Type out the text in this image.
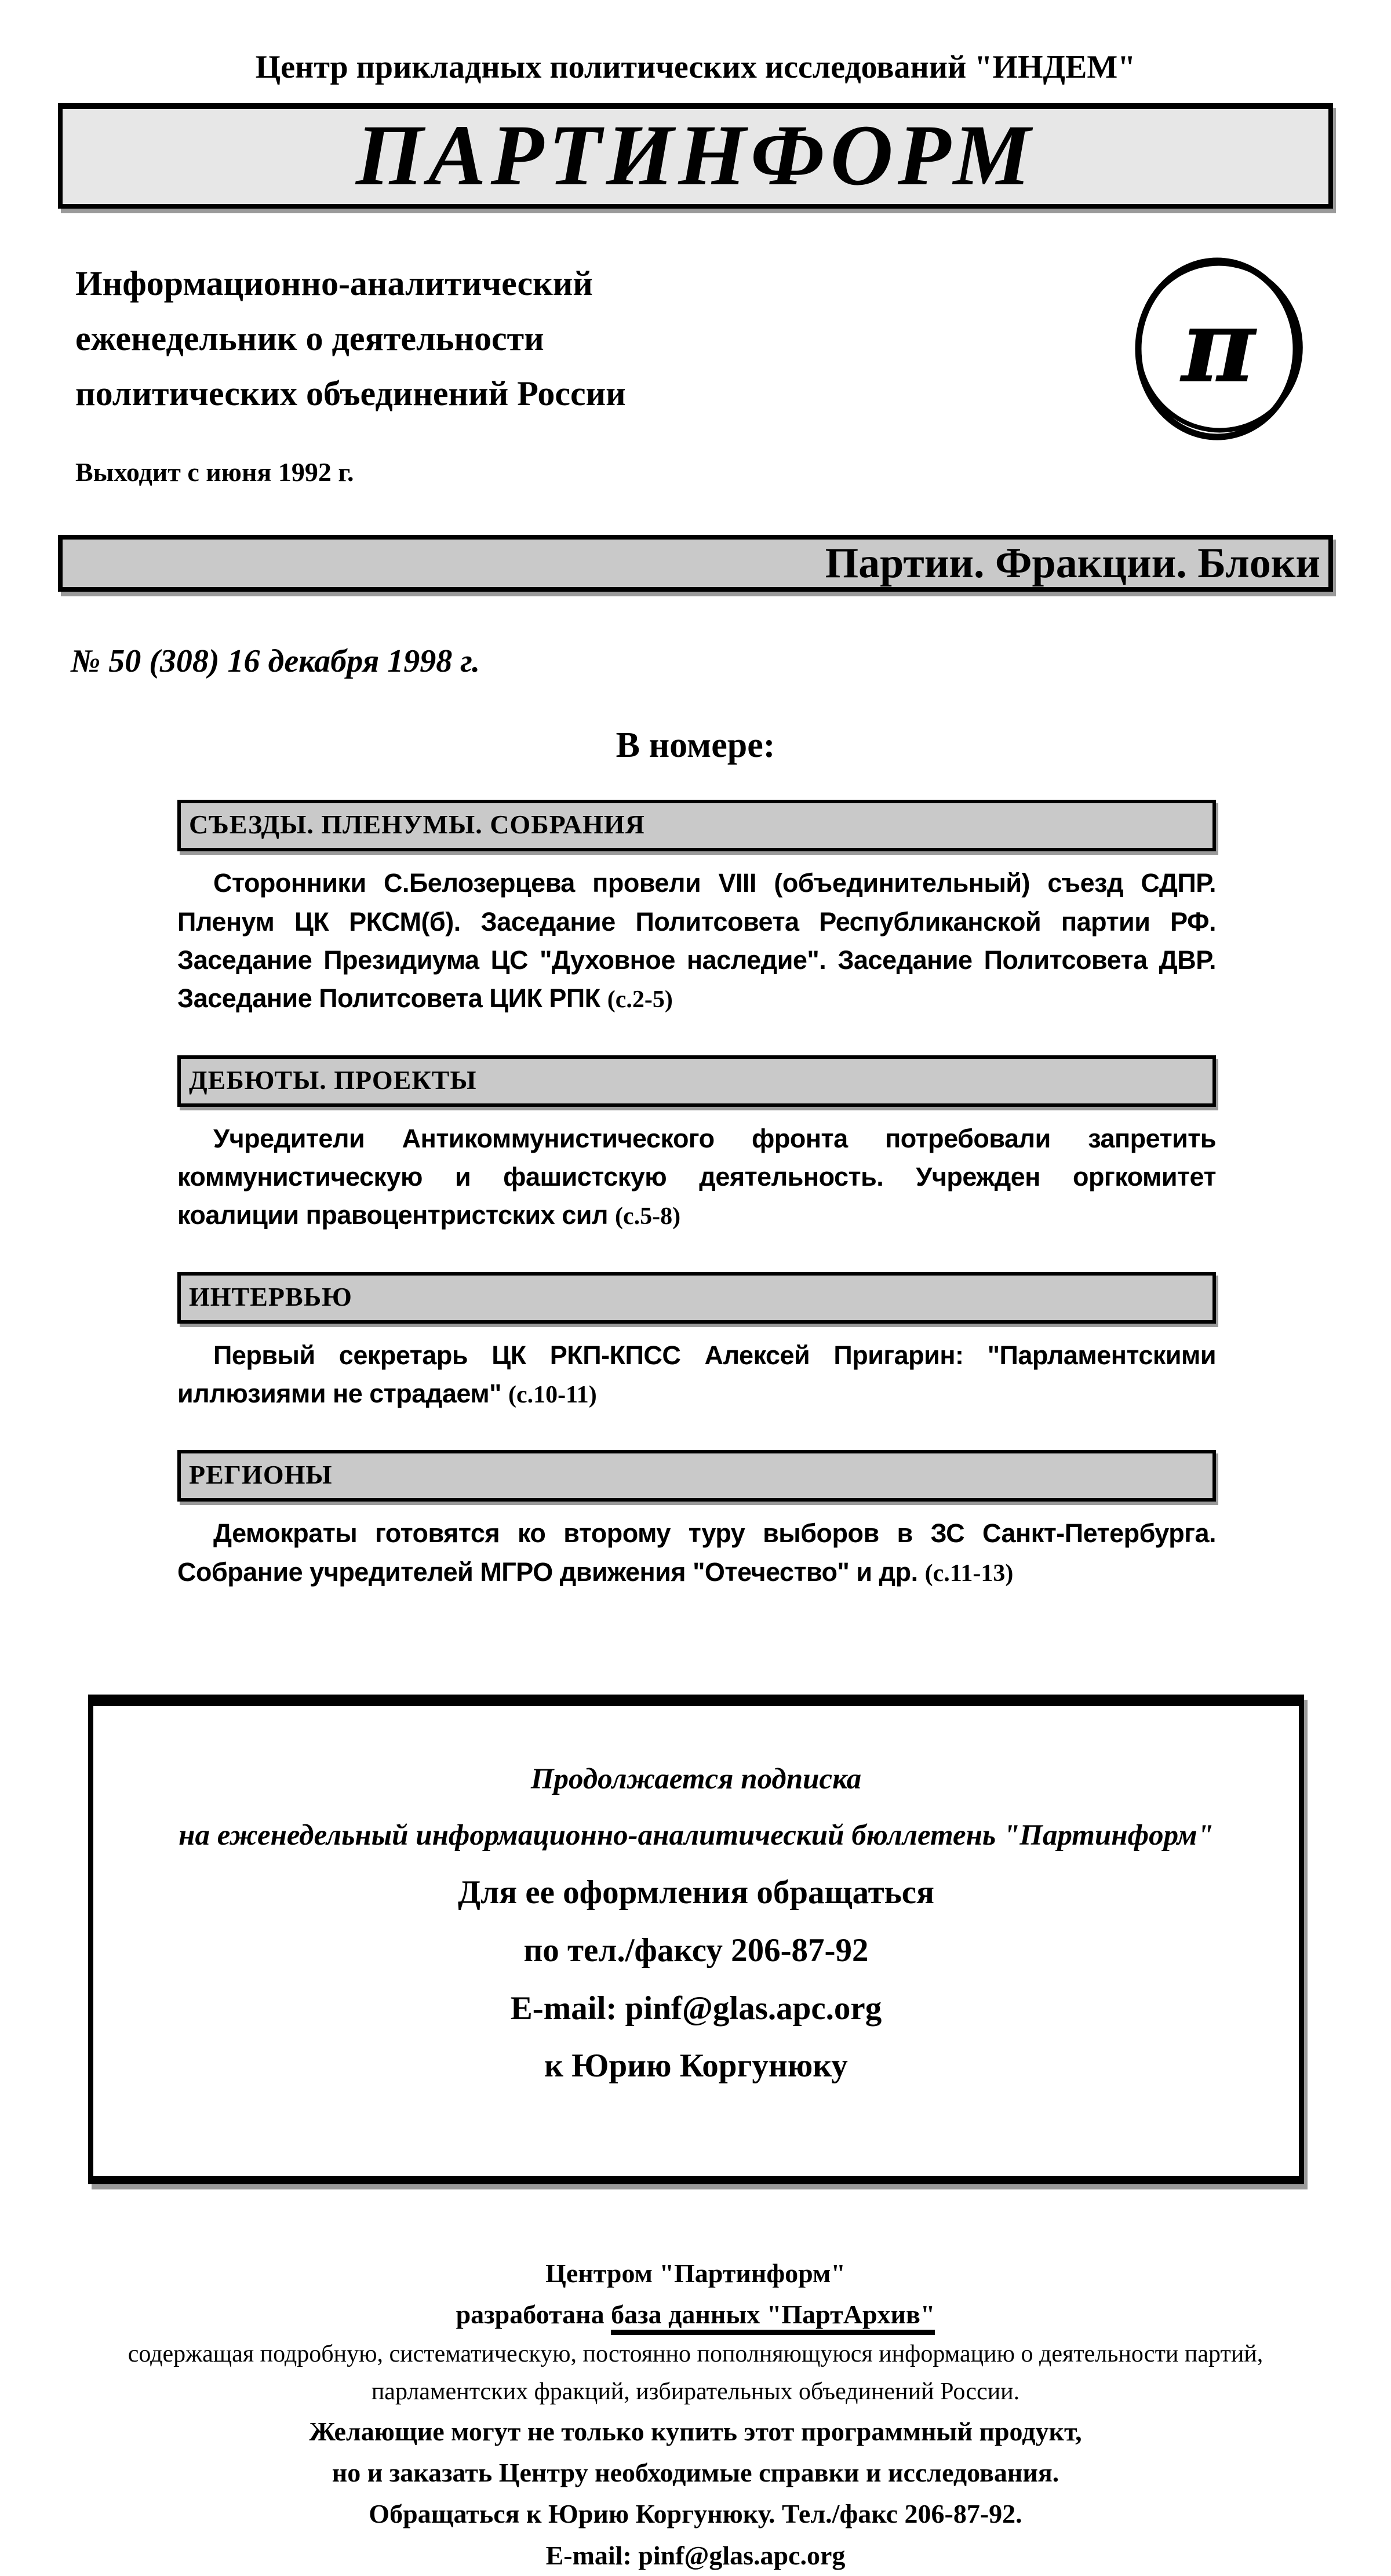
Центр прикладных политических исследований "ИНДЕМ"
ПАРТИНФОРМ
Информационно-аналитический
еженедельник о деятельности
политических объединений России
Выходит с июня 1992 г.
π
Партии. Фракции. Блоки
№ 50 (308) 16 декабря 1998 г.
В номере:
СЪЕЗДЫ. ПЛЕНУМЫ. СОБРАНИЯ

Сторонники С.Белозерцева провели VIII (объединительный) съезд СДПР. Пленум ЦК РКСМ(б). Заседание Политсовета Республиканской партии РФ. Заседание Президиума ЦС "Духовное наследие". Заседание Политсовета ДВР. Заседание Политсовета ЦИК РПК (с.2-5)

ДЕБЮТЫ. ПРОЕКТЫ

Учредители Антикоммунистического фронта потребовали запретить коммунистическую и фашистскую деятельность. Учрежден оргкомитет коалиции правоцентристских сил (с.5-8)

ИНТЕРВЬЮ

Первый секретарь ЦК РКП-КПСС Алексей Пригарин: "Парламентскими иллюзиями не страдаем" (с.10-11)

РЕГИОНЫ

Демократы готовятся ко второму туру выборов в ЗС Санкт-Петербурга. Собрание учредителей МГРО движения "Отечество" и др. (с.11-13)

Продолжается подписка
на еженедельный информационно-аналитический бюллетень "Партинформ"
Для ее оформления обращаться
по тел./факсу 206-87-92
E-mail: pinf@glas.apc.org
к Юрию Коргунюку
Центром "Партинформ"
разработана база данных "ПартАрхив"
содержащая подробную, систематическую, постоянно пополняющуюся информацию о деятельности партий,
парламентских фракций, избирательных объединений России.
Желающие могут не только купить этот программный продукт,
но и заказать Центру необходимые справки и исследования.
Обращаться к Юрию Коргунюку. Тел./факс 206-87-92.
E-mail: pinf@glas.apc.org
